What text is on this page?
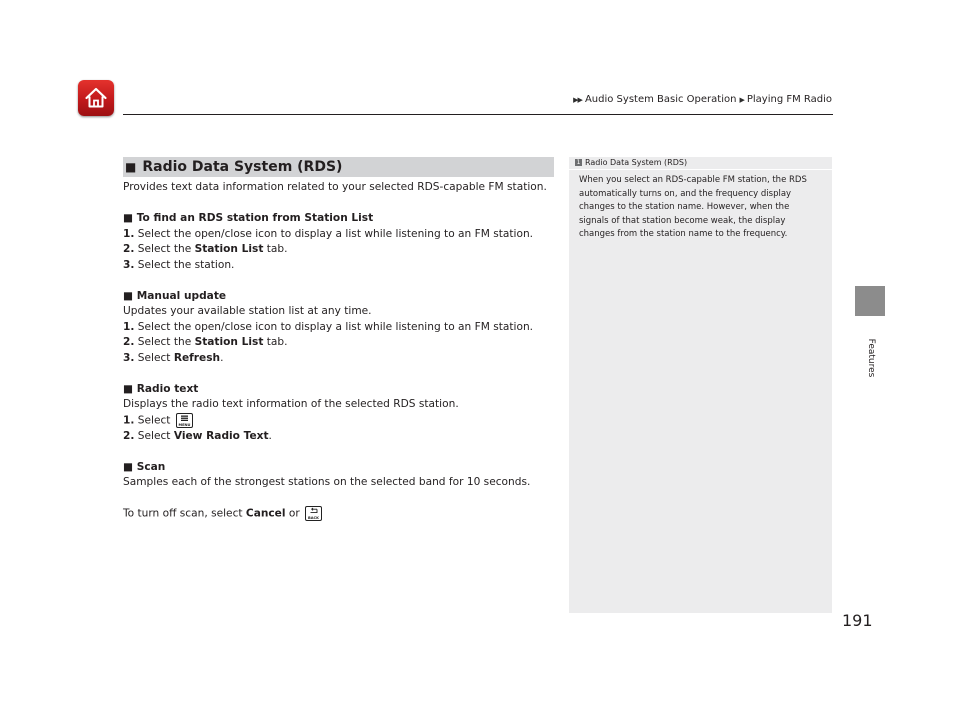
▶▶ Audio System Basic Operation ▶ Playing FM Radio
Features
■ Radio Data System (RDS)
Provides text data information related to your selected RDS-capable FM station.
■ To find an RDS station from Station List
1. Select the open/close icon to display a list while listening to an FM station.
2. Select the Station List tab.
3. Select the station.
■ Manual update
Updates your available station list at any time.
1. Select the open/close icon to display a list while listening to an FM station.
2. Select the Station List tab.
3. Select Refresh.
■ Radio text
Displays the radio text information of the selected RDS station.
1. Select MENU
2. Select View Radio Text.
■ Scan
Samples each of the strongest stations on the selected band for 10 seconds.
To turn off scan, select Cancel or BACK
1 Radio Data System (RDS)
When you select an RDS-capable FM station, the RDS
automatically turns on, and the frequency display
changes to the station name. However, when the
signals of that station become weak, the display
changes from the station name to the frequency.
191
